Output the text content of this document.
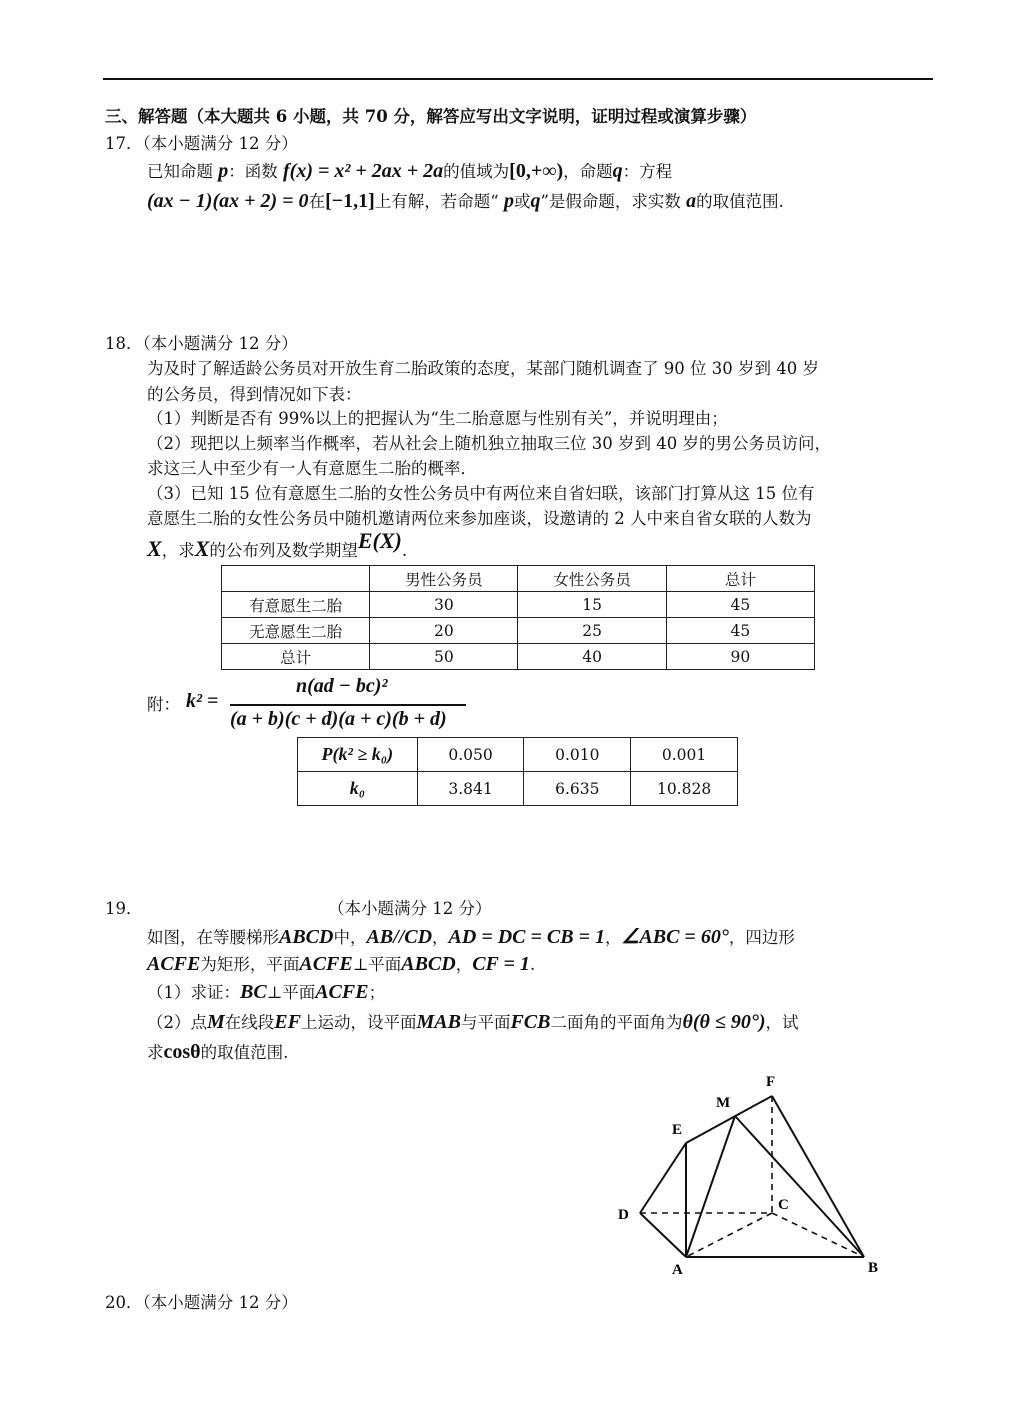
三、解答题（本大题共 6 小题，共 70 分，解答应写出文字说明，证明过程或演算步骤）
17．（本小题满分 12 分）
已知命题 p：函数 f(x) = x² + 2ax + 2a的值域为[0,+∞)，命题q：方程
(ax − 1)(ax + 2) = 0在[−1,1]上有解，若命题“ p或q”是假命题，求实数 a的取值范围.
18．（本小题满分 12 分）
为及时了解适龄公务员对开放生育二胎政策的态度，某部门随机调查了 90 位 30 岁到 40 岁
的公务员，得到情况如下表：
（1）判断是否有 99%以上的把握认为“生二胎意愿与性别有关”，并说明理由；
（2）现把以上频率当作概率，若从社会上随机独立抽取三位 30 岁到 40 岁的男公务员访问，
求这三人中至少有一人有意愿生二胎的概率．
（3）已知 15 位有意愿生二胎的女性公务员中有两位来自省妇联，该部门打算从这 15 位有
意愿生二胎的女性公务员中随机邀请两位来参加座谈，设邀请的 2 人中来自省女联的人数为
X，求X的公布列及数学期望E(X).
	男性公务员	女性公务员	总计
有意愿生二胎	30	15	45
无意愿生二胎	20	25	45
总计	50	40	90
附： k² =
n(ad − bc)²
(a + b)(c + d)(a + c)(b + d)
P(k² ≥ k₀)	0.050	0.010	0.001
k₀	3.841	6.635	10.828
19．	（本小题满分 12 分）
如图，在等腰梯形ABCD中，AB//CD，AD = DC = CB = 1，∠ABC = 60°，四边形
ACFE为矩形，平面ACFE⊥平面ABCD，CF = 1.
（1）求证：BC⊥平面ACFE；
（2）点M在线段EF上运动，设平面MAB与平面FCB二面角的平面角为θ(θ ≤ 90°)，试
求cosθ的取值范围.
F
M
E
C
D
A	B
20．（本小题满分 12 分）
